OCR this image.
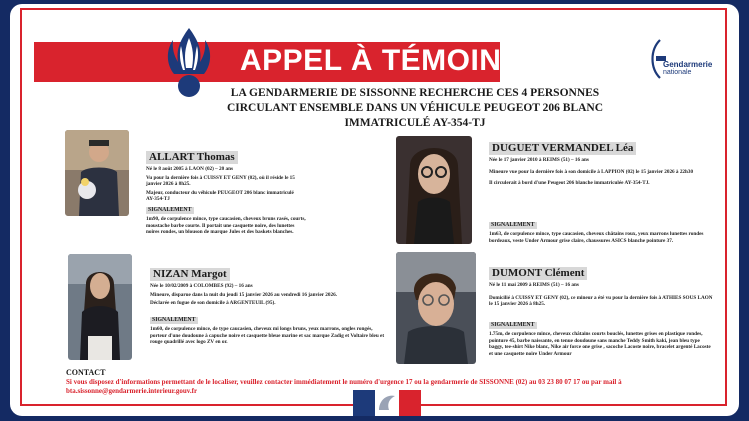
APPEL À TÉMOINS	Gendarmerie
nationale
LA GENDARMERIE DE SISSONNE RECHERCHE CES 4 PERSONNES
CIRCULANT ENSEMBLE DANS UN VÉHICULE PEUGEOT 206 BLANC
IMMATRICULÉ AY-354-TJ
ALLART Thomas
Né le 8 août 2005 à LAON (02) – 20 ans
Vu pour la dernière fois à CUISSY ET GENY (02), où il réside le 15 janvier 2026 à 8h25.
Majeur, conducteur du véhicule PEUGEOT 206 blanc immatriculé AY-354-TJ
SIGNALEMENT
1m90, de corpulence mince, type caucasien, cheveux bruns rasés, courts, moustache barbe courte. Il portait une casquette noire, des lunettes noires rondes, un blouson de marque Jules et des baskets blanches.
DUGUET VERMANDEL Léa
Née le 17 janvier 2010 à REIMS (51) – 16 ans
Mineure vue pour la dernière fois à son domicile à LAPPION (02) le 15 janvier 2026 à 22h30
Il circulerait à bord d'une Peugeot 206 blanche immatriculée AY-354-TJ.
SIGNALEMENT
1m63, de corpulence mince, type caucasien, cheveux châtains roux, yeux marrons lunettes rondes bordeaux, veste Under Armour grise claire, chaussures ASICS blanche pointure 37.
NIZAN Margot
Née le 10/02/2009 à COLOMBES (92) – 16 ans
Mineure, disparue dans la nuit du jeudi 15 janvier 2026 au vendredi 16 janvier 2026.
Déclarée en fugue de son domicile à ARGENTEUIL (95).
SIGNALEMENT
1m60, de corpulence mince, de type caucasien, cheveux mi longs bruns, yeux marrons, ongles rongés, porteur d'une doudoune à capuche noire et casquette bleue marine et sac marque Zadig et Voltaire bleu et rouge quadrillé avec logo ZV en or.
DUMONT Clément
Né le 11 mai 2009 à REIMS (51) – 16 ans
Domicilié à CUISSY ET GENY (02), ce mineur a été vu pour la dernière fois à ATHIES SOUS LAON le 15 janvier 2026 à 8h25.
SIGNALEMENT
1.75m, de corpulence mince, cheveux châtains courts bouclés, lunettes grises en plastique rondes, pointure 45, barbe naissante, en tenue doudoune sans manche Teddy Smith kaki, jean bleu type baggy, tee-shirt Nike blanc, Nike air force one grise , sacoche Lacoste noire, bracelet argenté Lacoste et une casquette noire Under Armour
CONTACT
Si vous disposez d'informations permettant de le localiser, veuillez contacter immédiatement le numéro d'urgence 17 ou la gendarmerie de SISSONNE (02) au 03 23 80 07 17 ou par mail à bta.sissonne@gendarmerie.interieur.gouv.fr
